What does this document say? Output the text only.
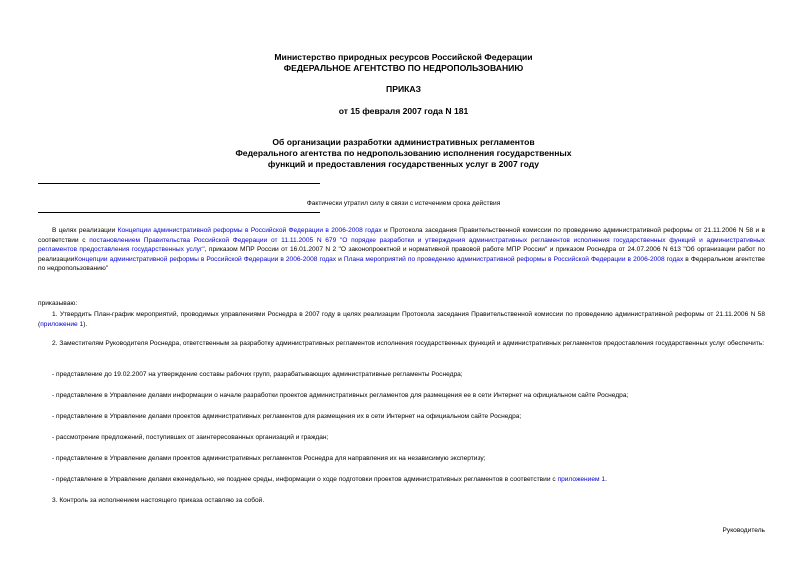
Министерство природных ресурсов Российской Федерации
ФЕДЕРАЛЬНОЕ АГЕНТСТВО ПО НЕДРОПОЛЬЗОВАНИЮ
ПРИКАЗ
от 15 февраля 2007 года N 181
Об организации разработки административных регламентов
Федерального агентства по недропользованию исполнения государственных
функций и предоставления государственных услуг в 2007 году
Фактически утратил силу в связи с истечением срока действия
В целях реализации Концепции административной реформы в Российской Федерации в 2006-2008 годах и Протокола заседания Правительственной комиссии по проведению административной реформы от 21.11.2006 N 58 и в соответствии с постановлением Правительства Российской Федерации от 11.11.2005 N 679 "О порядке разработки и утверждения административных регламентов исполнения государственных функций и административных регламентов предоставления государственных услуг", приказом МПР России от 16.01.2007 N 2 "О законопроектной и нормативной правовой работе МПР России" и приказом Роснедра от 24.07.2006 N 613 "Об организации работ по реализацииКонцепции административной реформы в Российской Федерации в 2006-2008 годах и Плана мероприятий по проведению административной реформы в Российской Федерации в 2006-2008 годах в Федеральном агентстве по недропользованию"
приказываю:
1. Утвердить План-график мероприятий, проводимых управлениями Роснедра в 2007 году в целях реализации Протокола заседания Правительственной комиссии по проведению административной реформы от 21.11.2006 N 58 (приложение 1).
2. Заместителям Руководителя Роснедра, ответственным за разработку административных регламентов исполнения государственных функций и административных регламентов предоставления государственных услуг обеспечить:
- представление до 19.02.2007 на утверждение составы рабочих групп, разрабатывающих административные регламенты Роснедра;
- представление в Управление делами информации о начале разработки проектов административных регламентов для размещения ее в сети Интернет на официальном сайте Роснедра;
- представление в Управление делами проектов административных регламентов для размещения их в сети Интернет на официальном сайте Роснедра;
- рассмотрение предложений, поступивших от заинтересованных организаций и граждан;
- представление в Управление делами проектов административных регламентов Роснедра для направления их на независимую экспертизу;
- представление в Управление делами еженедельно, не позднее среды, информации о ходе подготовки проектов административных регламентов в соответствии с приложением 1.
3. Контроль за исполнением настоящего приказа оставляю за собой.
Руководитель
